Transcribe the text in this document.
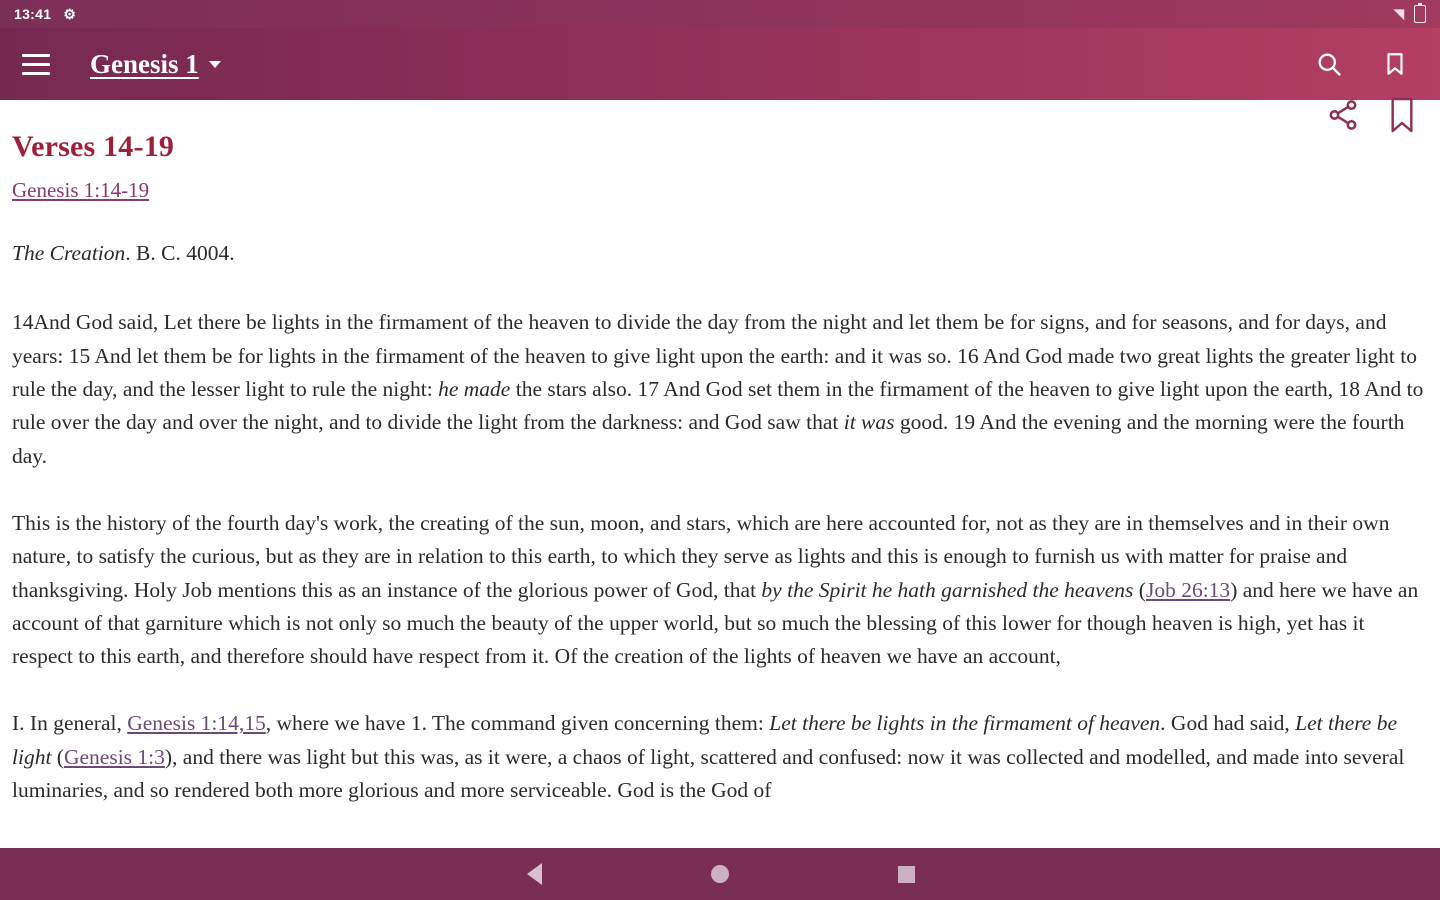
13:41 ⚙	◥
Genesis 1
Verses 14-19
Genesis 1:14-19

The Creation. B. C. 4004.

14And God said, Let there be lights in the firmament of the heaven to divide the day from the night and let them be for signs, and for seasons, and for days, and years: 15 And let them be for lights in the firmament of the heaven to give light upon the earth: and it was so. 16 And God made two great lights the greater light to rule the day, and the lesser light to rule the night: he made the stars also. 17 And God set them in the firmament of the heaven to give light upon the earth, 18 And to rule over the day and over the night, and to divide the light from the darkness: and God saw that it was good. 19 And the evening and the morning were the fourth day.

This is the history of the fourth day's work, the creating of the sun, moon, and stars, which are here accounted for, not as they are in themselves and in their own nature, to satisfy the curious, but as they are in relation to this earth, to which they serve as lights and this is enough to furnish us with matter for praise and thanksgiving. Holy Job mentions this as an instance of the glorious power of God, that by the Spirit he hath garnished the heavens (Job 26:13) and here we have an account of that garniture which is not only so much the beauty of the upper world, but so much the blessing of this lower for though heaven is high, yet has it respect to this earth, and therefore should have respect from it. Of the creation of the lights of heaven we have an account,

I. In general, Genesis 1:14,15, where we have 1. The command given concerning them: Let there be lights in the firmament of heaven. God had said, Let there be light (Genesis 1:3), and there was light but this was, as it were, a chaos of light, scattered and confused: now it was collected and modelled, and made into several luminaries, and so rendered both more glorious and more serviceable. God is the God of
